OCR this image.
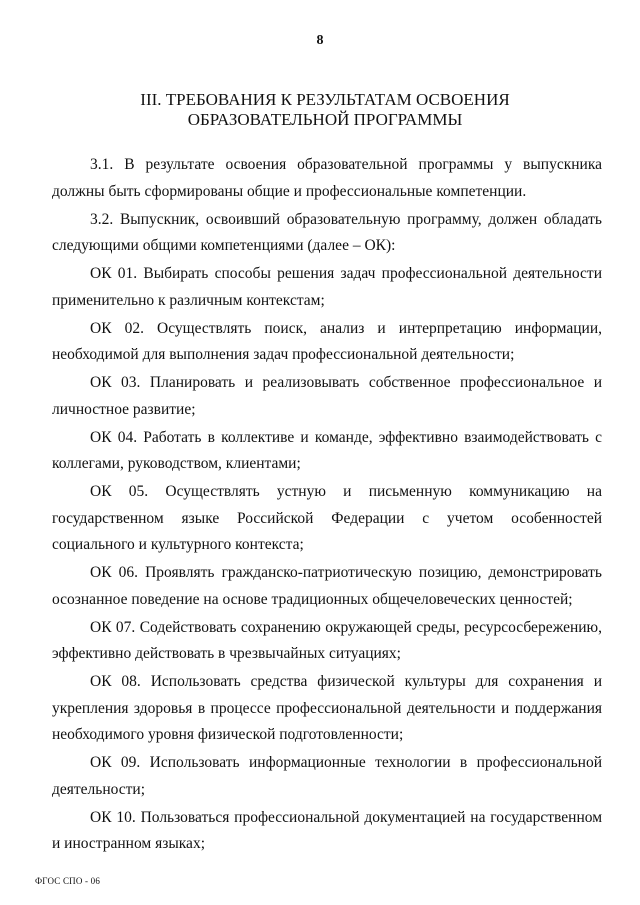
8
III. ТРЕБОВАНИЯ К РЕЗУЛЬТАТАМ ОСВОЕНИЯ
ОБРАЗОВАТЕЛЬНОЙ ПРОГРАММЫ

3.1. В результате освоения образовательной программы у выпускника должны быть сформированы общие и профессиональные компетенции.

3.2. Выпускник, освоивший образовательную программу, должен обладать следующими общими компетенциями (далее – ОК):

ОК 01. Выбирать способы решения задач профессиональной деятельности применительно к различным контекстам;

ОК 02. Осуществлять поиск, анализ и интерпретацию информации, необходимой для выполнения задач профессиональной деятельности;

ОК 03. Планировать и реализовывать собственное профессиональное и личностное развитие;

ОК 04. Работать в коллективе и команде, эффективно взаимодействовать с коллегами, руководством, клиентами;

ОК 05. Осуществлять устную и письменную коммуникацию на государственном языке Российской Федерации с учетом особенностей социального и культурного контекста;

ОК 06. Проявлять гражданско-патриотическую позицию, демонстрировать осознанное поведение на основе традиционных общечеловеческих ценностей;

ОК 07. Содействовать сохранению окружающей среды, ресурсосбережению, эффективно действовать в чрезвычайных ситуациях;

ОК 08. Использовать средства физической культуры для сохранения и укрепления здоровья в процессе профессиональной деятельности и поддержания необходимого уровня физической подготовленности;

ОК 09. Использовать информационные технологии в профессиональной деятельности;

ОК 10. Пользоваться профессиональной документацией на государственном и иностранном языках;

ФГОС СПО - 06
